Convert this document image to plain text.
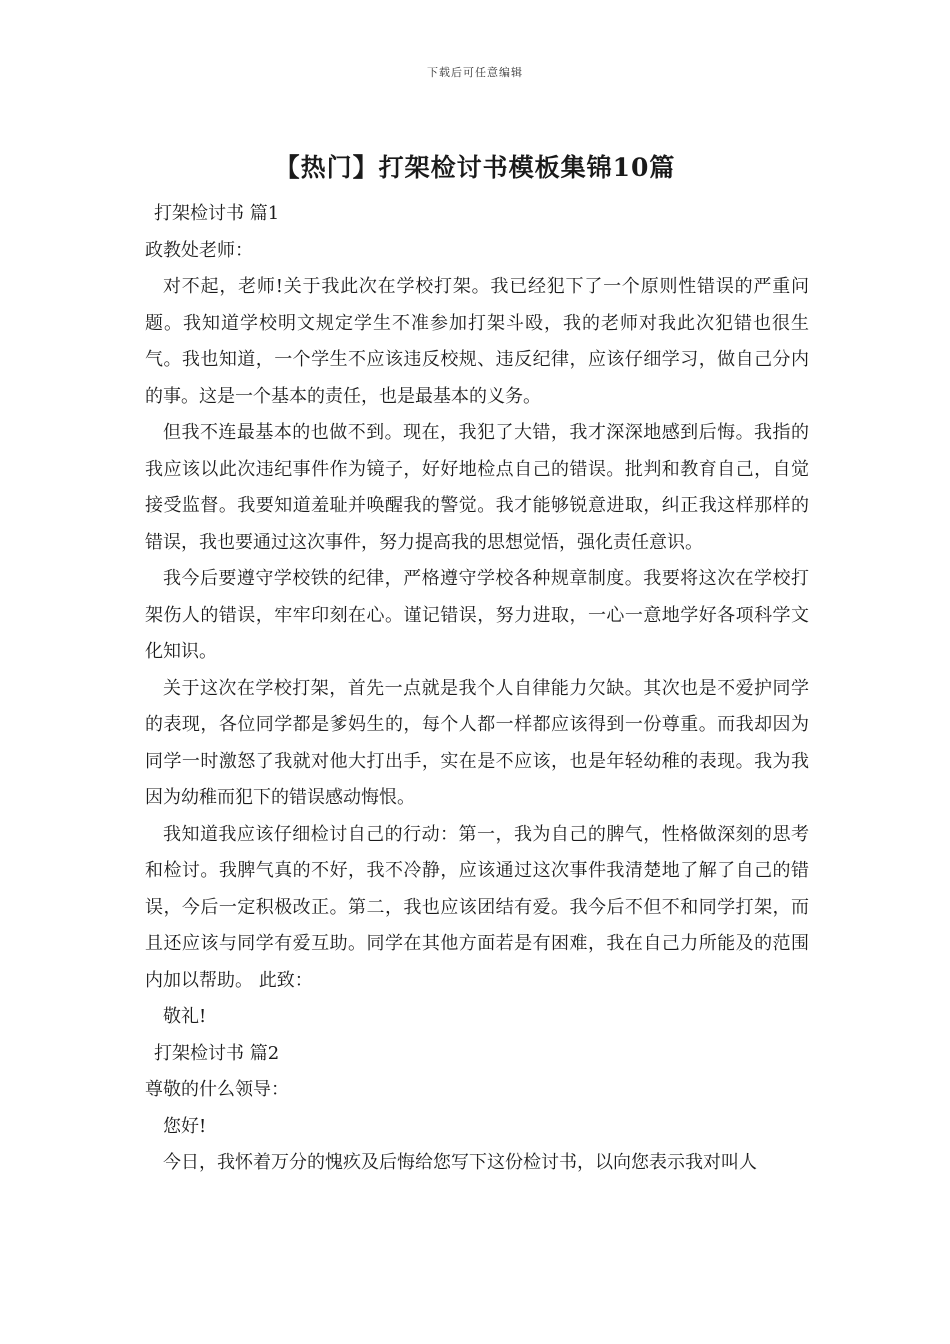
下载后可任意编辑
【热门】打架检讨书模板集锦10篇

打架检讨书 篇1

政教处老师：

对不起，老师!关于我此次在学校打架。我已经犯下了一个原则性错误的严重问题。我知道学校明文规定学生不准参加打架斗殴，我的老师对我此次犯错也很生气。我也知道，一个学生不应该违反校规、违反纪律，应该仔细学习，做自己分内的事。这是一个基本的责任，也是最基本的义务。

但我不连最基本的也做不到。现在，我犯了大错，我才深深地感到后悔。我指的我应该以此次违纪事件作为镜子，好好地检点自己的错误。批判和教育自己，自觉接受监督。我要知道羞耻并唤醒我的警觉。我才能够锐意进取，纠正我这样那样的错误，我也要通过这次事件，努力提高我的思想觉悟，强化责任意识。

我今后要遵守学校铁的纪律，严格遵守学校各种规章制度。我要将这次在学校打架伤人的错误，牢牢印刻在心。谨记错误，努力进取，一心一意地学好各项科学文化知识。

关于这次在学校打架，首先一点就是我个人自律能力欠缺。其次也是不爱护同学的表现，各位同学都是爹妈生的，每个人都一样都应该得到一份尊重。而我却因为同学一时激怒了我就对他大打出手，实在是不应该，也是年轻幼稚的表现。我为我因为幼稚而犯下的错误感动悔恨。

我知道我应该仔细检讨自己的行动：第一，我为自己的脾气，性格做深刻的思考和检讨。我脾气真的不好，我不冷静，应该通过这次事件我清楚地了解了自己的错误，今后一定积极改正。第二，我也应该团结有爱。我今后不但不和同学打架，而且还应该与同学有爱互助。同学在其他方面若是有困难，我在自己力所能及的范围内加以帮助。 此致：

敬礼!

打架检讨书 篇2

尊敬的什么领导：

您好!

今日，我怀着万分的愧疚及后悔给您写下这份检讨书，以向您表示我对叫人
